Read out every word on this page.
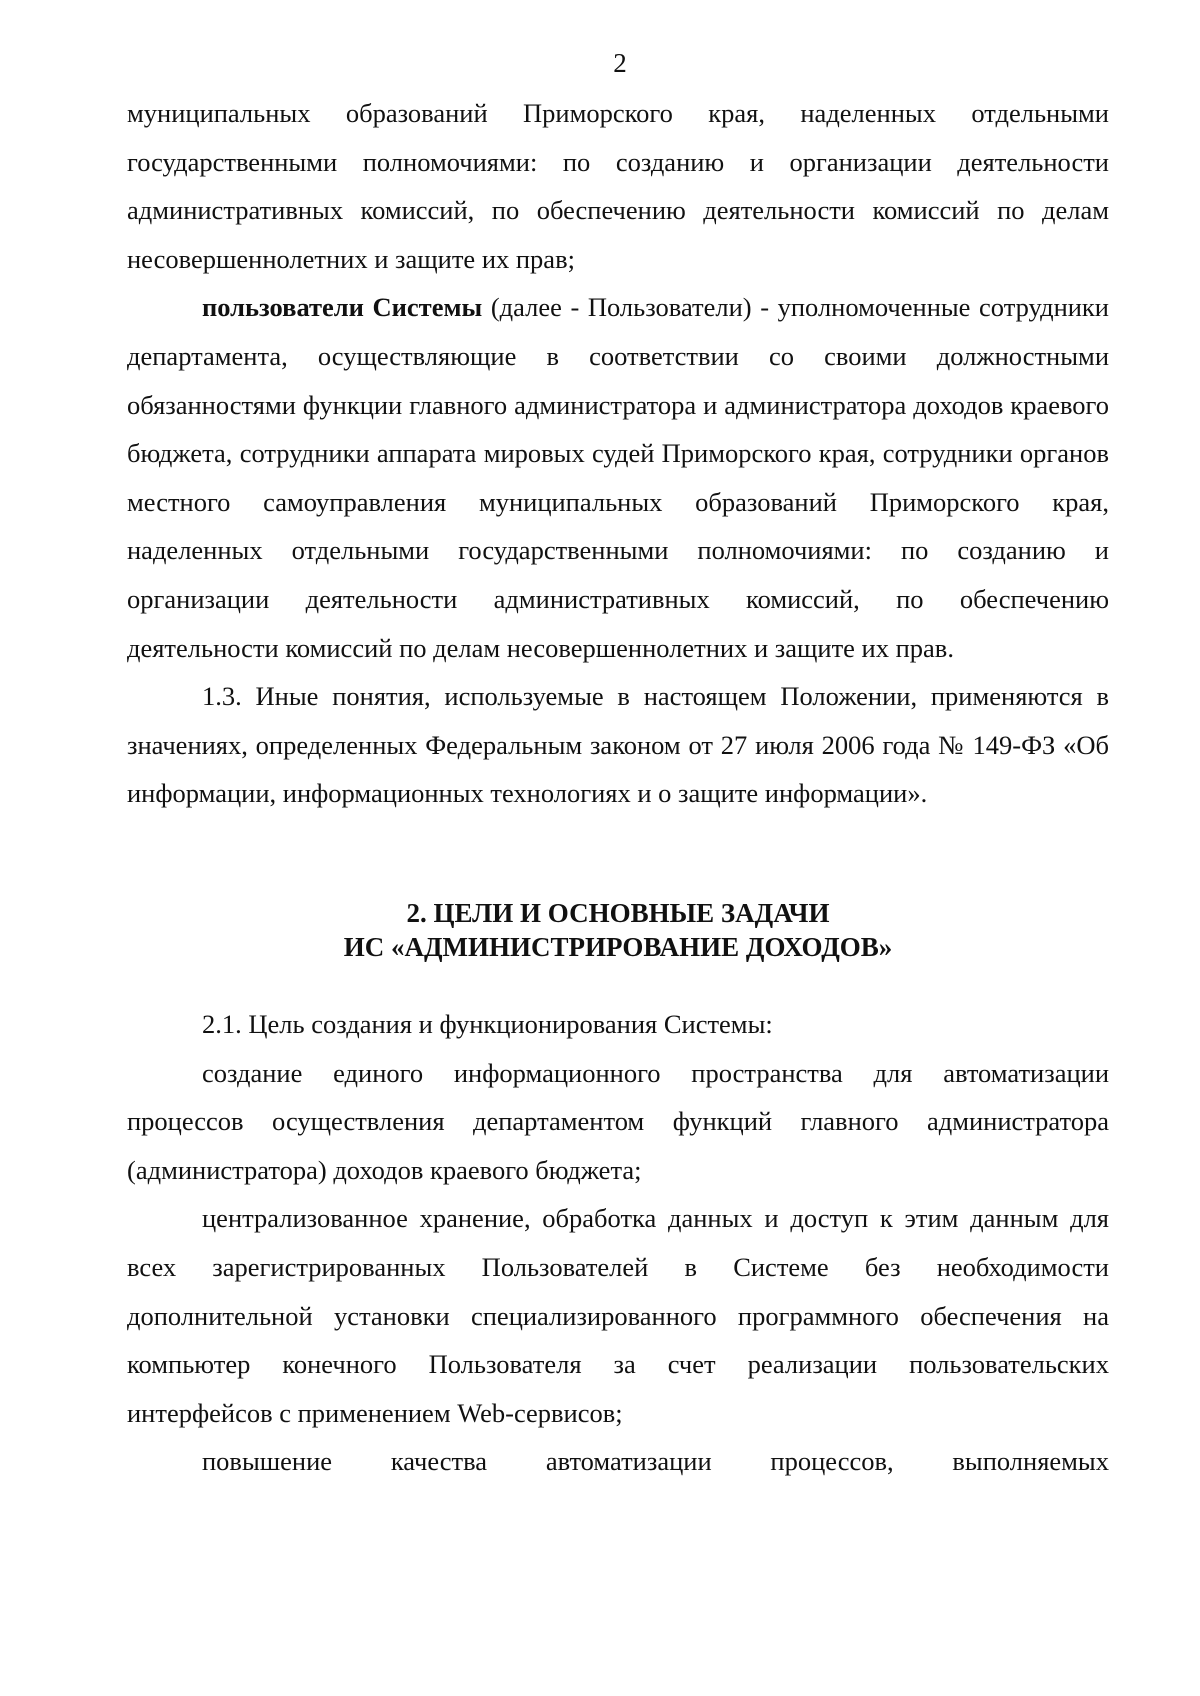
2

муниципальных образований Приморского края, наделенных отдельными государственными полномочиями: по созданию и организации деятельности административных комиссий, по обеспечению деятельности комиссий по делам несовершеннолетних и защите их прав;

пользователи Системы (далее - Пользователи) - уполномоченные сотрудники департамента, осуществляющие в соответствии со своими должностными обязанностями функции главного администратора и администратора доходов краевого бюджета, сотрудники аппарата мировых судей Приморского края, сотрудники органов местного самоуправления муниципальных образований Приморского края, наделенных отдельными государственными полномочиями: по созданию и организации деятельности административных комиссий, по обеспечению деятельности комиссий по делам несовершеннолетних и защите их прав.

1.3. Иные понятия, используемые в настоящем Положении, применяются в значениях, определенных Федеральным законом от 27 июля 2006 года № 149-ФЗ «Об информации, информационных технологиях и о защите информации».

2. ЦЕЛИ И ОСНОВНЫЕ ЗАДАЧИ
ИС «АДМИНИСТРИРОВАНИЕ ДОХОДОВ»

2.1. Цель создания и функционирования Системы:

создание единого информационного пространства для автоматизации процессов осуществления департаментом функций главного администратора (администратора) доходов краевого бюджета;

централизованное хранение, обработка данных и доступ к этим данным для всех зарегистрированных Пользователей в Системе без необходимости дополнительной установки специализированного программного обеспечения на компьютер конечного Пользователя за счет реализации пользовательских интерфейсов с применением Web-сервисов;

повышение качества автоматизации процессов, выполняемых
